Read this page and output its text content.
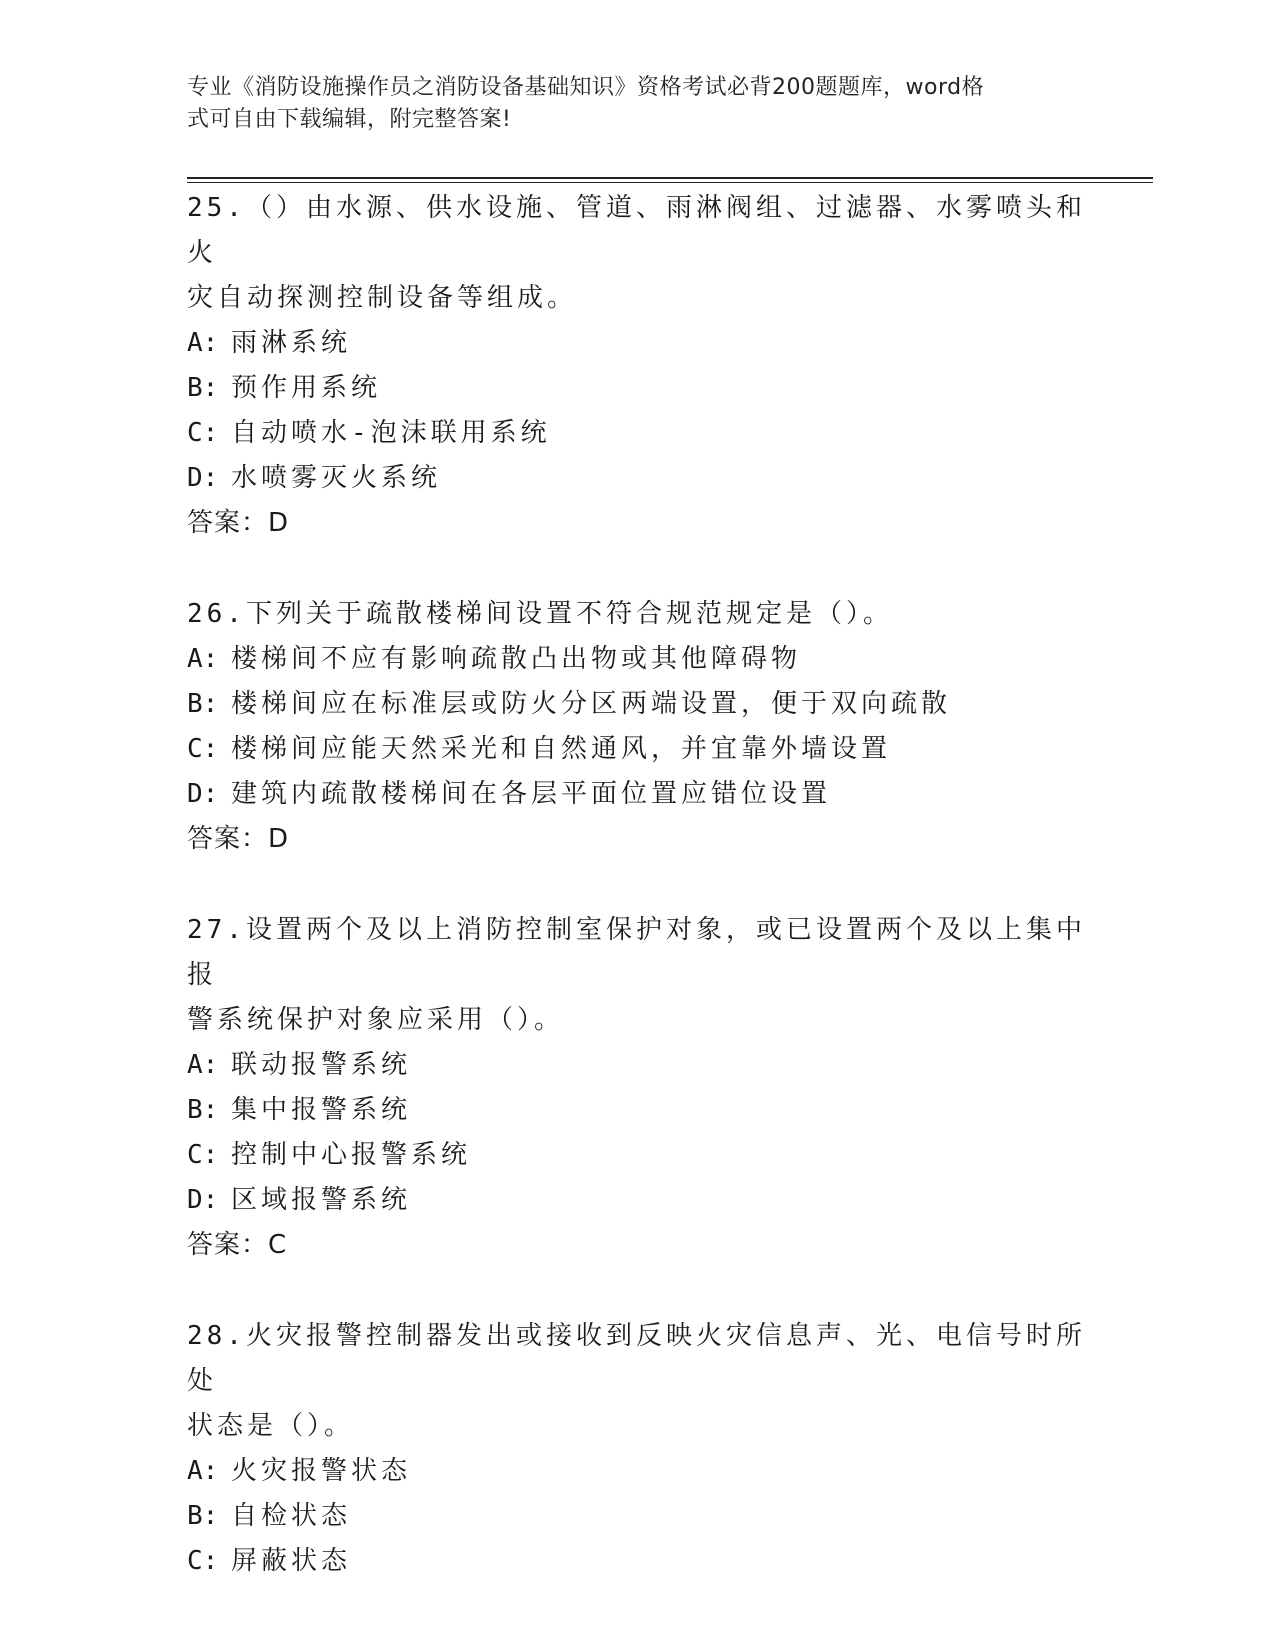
专业《消防设施操作员之消防设备基础知识》资格考试必背200题题库，word格
式可自由下载编辑，附完整答案!
25.（）由水源、供水设施、管道、雨淋阀组、过滤器、水雾喷头和火
灾自动探测控制设备等组成。
A: 雨淋系统
B: 预作用系统
C: 自动喷水-泡沫联用系统
D: 水喷雾灭火系统
答案：D
26.下列关于疏散楼梯间设置不符合规范规定是（）。
A: 楼梯间不应有影响疏散凸出物或其他障碍物
B: 楼梯间应在标准层或防火分区两端设置，便于双向疏散
C: 楼梯间应能天然采光和自然通风，并宜靠外墙设置
D: 建筑内疏散楼梯间在各层平面位置应错位设置
答案：D
27.设置两个及以上消防控制室保护对象，或已设置两个及以上集中报
警系统保护对象应采用（）。
A: 联动报警系统
B: 集中报警系统
C: 控制中心报警系统
D: 区域报警系统
答案：C
28.火灾报警控制器发出或接收到反映火灾信息声、光、电信号时所处
状态是（）。
A: 火灾报警状态
B: 自检状态
C: 屏蔽状态
